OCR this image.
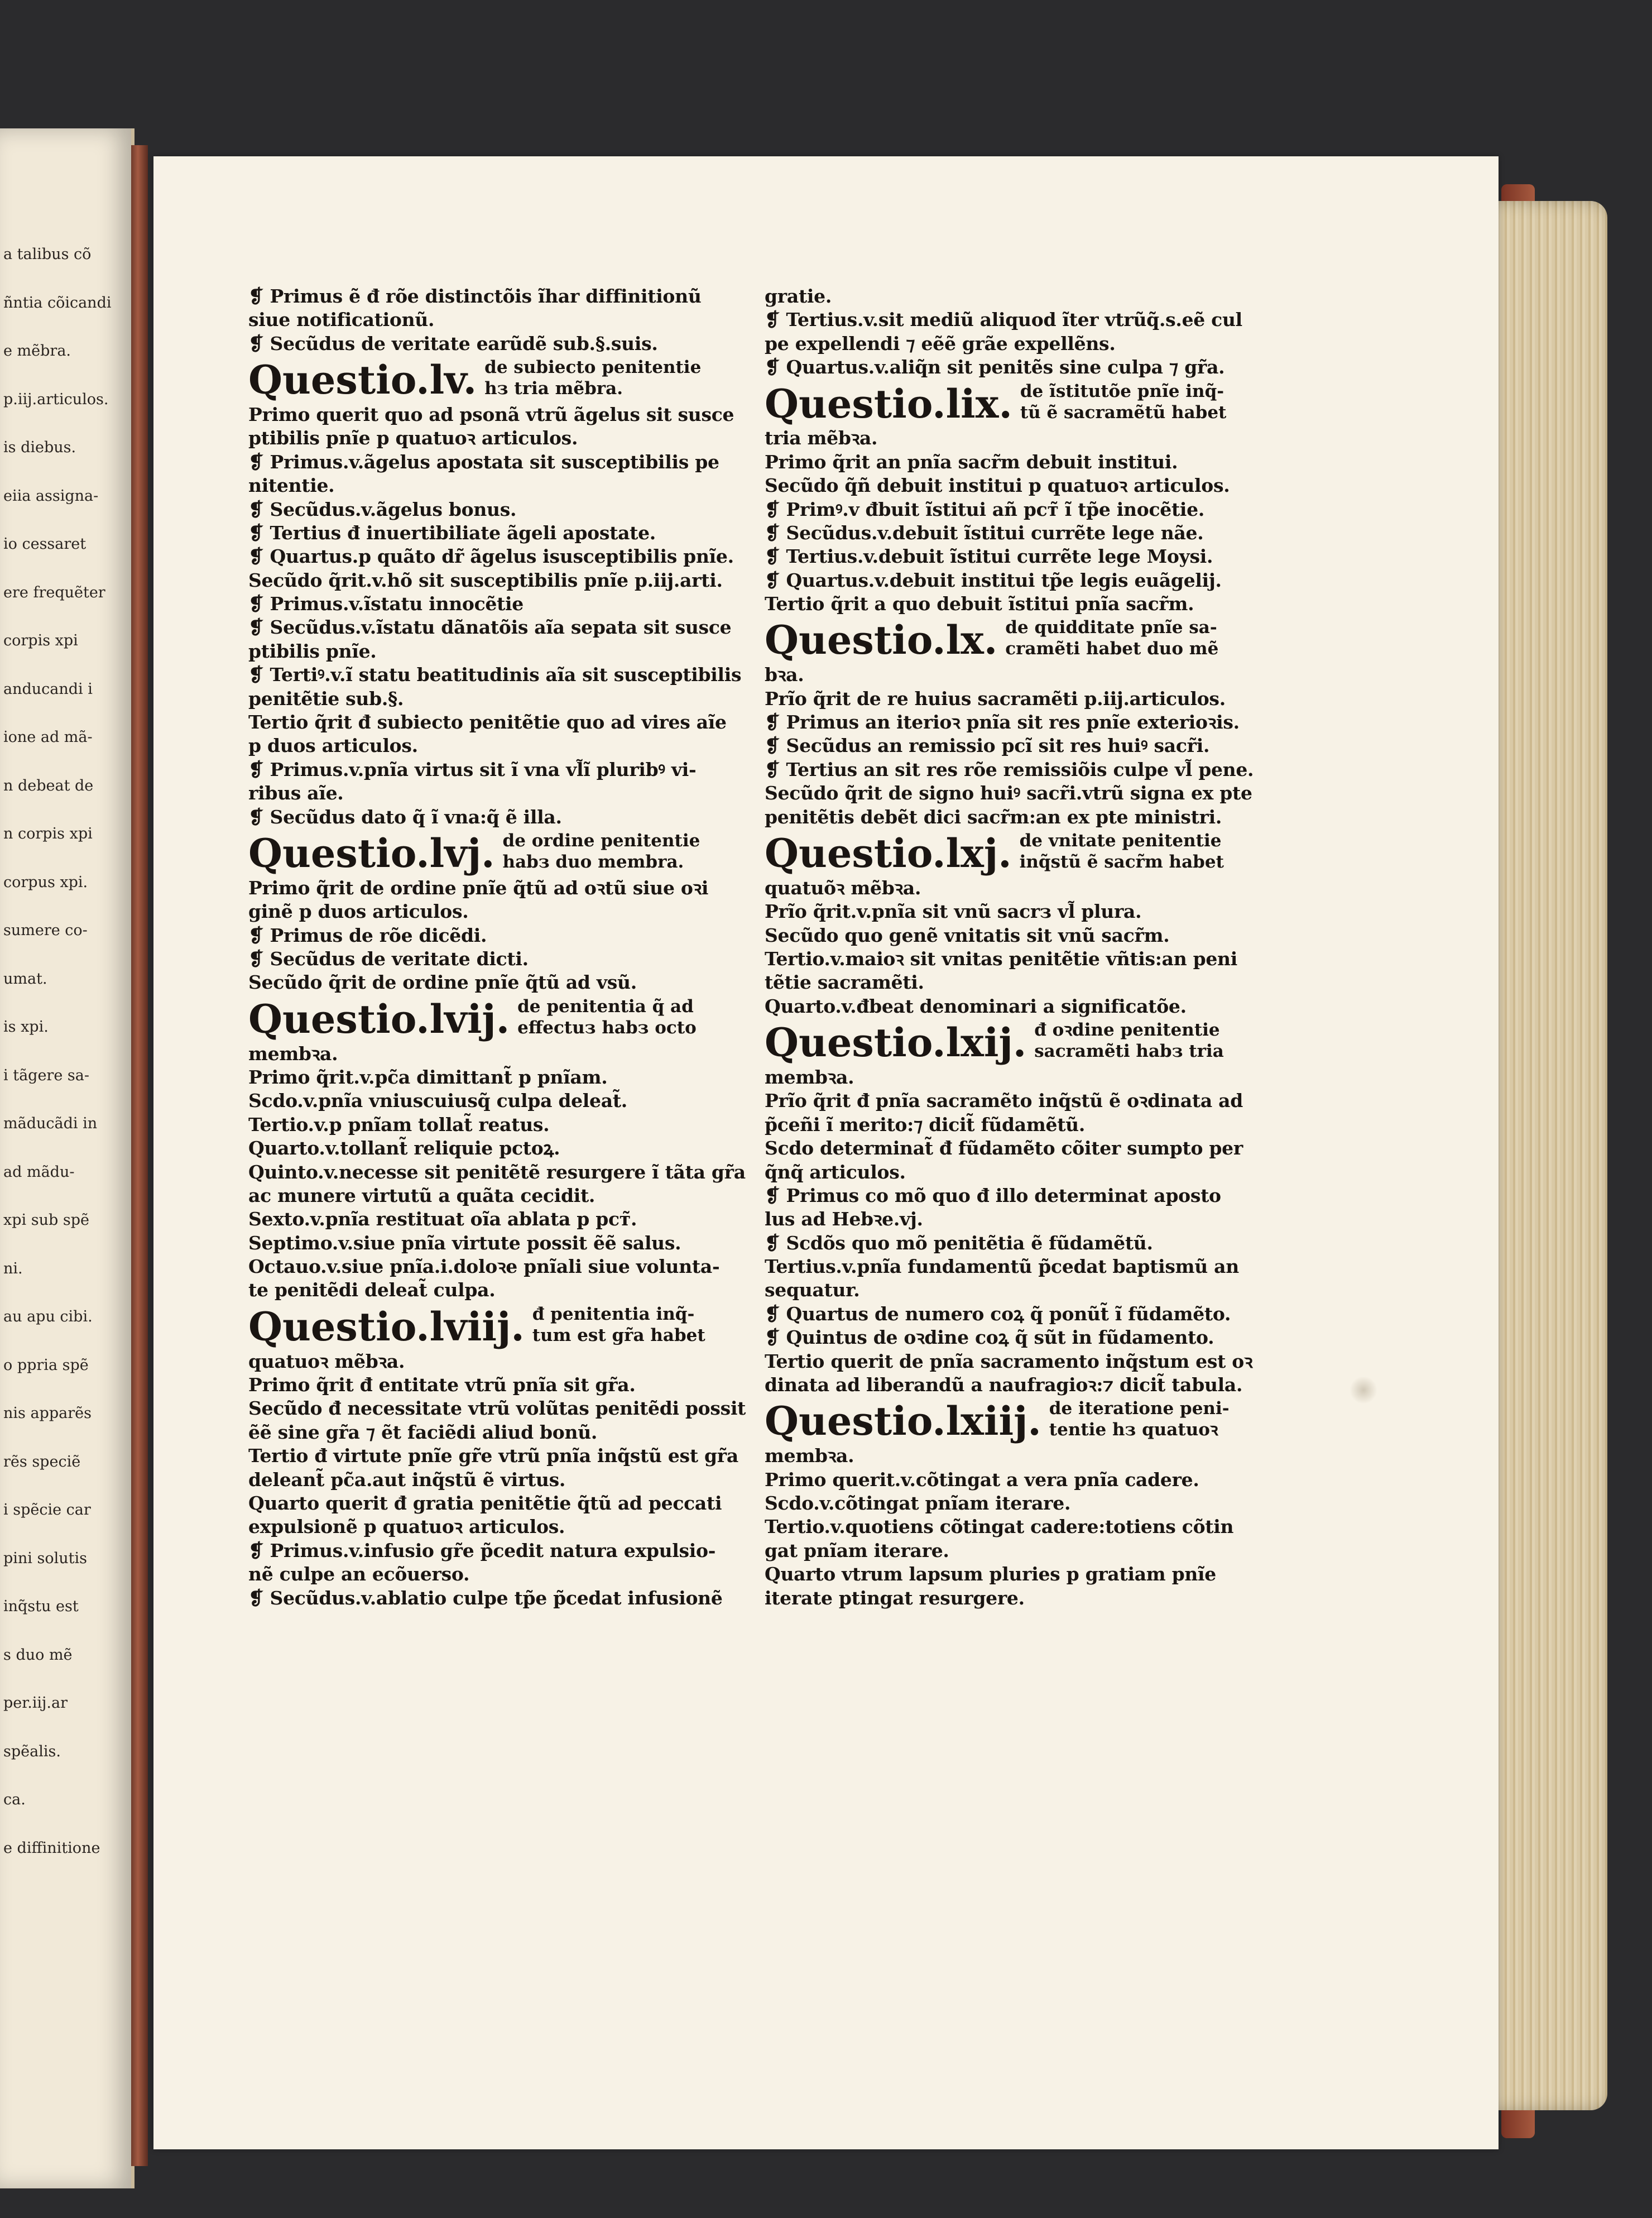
a talibus cõ
ñntia cõicandi
e mẽbra.
p.iij.articulos.
is diebus.
eiia assigna-
io cessaret
ere frequẽter
corpis xpi
anducandi i
ione ad mã-
n debeat de
n corpis xpi
corpus xpi.
sumere co-
umat.
is xpi.
i tãgere sa-
mãducãdi in
ad mãdu-
xpi sub spẽ
ni.
au apu cibi.
o ppria spẽ
nis apparẽs
rẽs speciẽ
i spẽcie car
pini solutis
inq̃stu est
s duo mẽ
per.iij.ar
spẽalis.
ca.
e diffinitione
❡ Primus ẽ đ rõe distinctõis ĩhar diffinitionũ
siue notificationũ.
❡ Secũdus de veritate earũdẽ sub.§.suis.
Questio.lv. de subiecto penitentie
hз tria mẽbra.
Primo querit quo ad psonã vtrũ ãgelus sit susce
ptibilis pnĩe p quatuoꝛ articulos.
❡ Primus.v.ãgelus apostata sit susceptibilis pe
nitentie.
❡ Secũdus.v.ãgelus bonus.
❡ Tertius đ inuertibiliate ãgeli apostate.
❡ Quartus.p quãto dr̃ ãgelus isusceptibilis pnĩe.
Secũdo q̃rit.v.hõ sit susceptibilis pnĩe p.iij.arti.
❡ Primus.v.ĩstatu innocẽtie
❡ Secũdus.v.ĩstatu dãnatõis aĩa sepata sit susce
ptibilis pnĩe.
❡ Tertiꝰ.v.ĩ statu beatitudinis aĩa sit susceptibilis
penitẽtie sub.§.
Tertio q̃rit đ subiecto penitẽtie quo ad vires aĩe
p duos articulos.
❡ Primus.v.pnĩa virtus sit ĩ vna vl̃ĩ pluribꝰ vi-
ribus aĩe.
❡ Secũdus dato q̃ ĩ vna:q̃ ẽ illa.
Questio.lvj. de ordine penitentie
habз duo membra.
Primo q̃rit de ordine pnĩe q̃tũ ad oꝛtũ siue oꝛi
ginẽ p duos articulos.
❡ Primus de rõe dicẽdi.
❡ Secũdus de veritate dicti.
Secũdo q̃rit de ordine pnĩe q̃tũ ad vsũ.
Questio.lvij. de penitentia q̃ ad
effectuз habз octo
membꝛa.
Primo q̃rit.v.pc̃a dimittant̃ p pnĩam.
Scdo.v.pnĩa vniuscuiusq̃ culpa deleat̃.
Tertio.v.p pnĩam tollat̃ reatus.
Quarto.v.tollant̃ reliquie pctoꝝ.
Quinto.v.necesse sit penitẽtẽ resurgere ĩ tãta gr̃a
ac munere virtutũ a quãta cecidit.
Sexto.v.pnĩa restituat oĩa ablata p pcт̃.
Septimo.v.siue pnĩa virtute possit ẽẽ salus.
Octauo.v.siue pnĩa.i.doloꝛe pnĩali siue volunta-
te penitẽdi deleat̃ culpa.
Questio.lviij. đ penitentia inq̃-
tum est gr̃a habet
quatuoꝛ mẽbꝛa.
Primo q̃rit đ entitate vtrũ pnĩa sit gr̃a.
Secũdo đ necessitate vtrũ volũtas penitẽdi possit
ẽẽ sine gr̃a ⁊ ẽt faciẽdi aliud bonũ.
Tertio đ virtute pnĩe gr̃e vtrũ pnĩa inq̃stũ est gr̃a
deleant̃ pc̃a.aut inq̃stũ ẽ virtus.
Quarto querit đ gratia penitẽtie q̃tũ ad peccati
expulsionẽ p quatuoꝛ articulos.
❡ Primus.v.infusio gr̃e p̃cedit natura expulsio-
nẽ culpe an ecõuerso.
❡ Secũdus.v.ablatio culpe tp̃e p̃cedat infusionẽ
gratie.
❡ Tertius.v.sit mediũ aliquod ĩter vtrũq̃.s.eẽ cul
pe expellendi ⁊ eẽẽ grãe expellẽns.
❡ Quartus.v.aliq̃n sit penitẽs sine culpa ⁊ gr̃a.
Questio.lix. de ĩstitutõe pnĩe inq̃-
tũ ẽ sacramẽtũ habet
tria mẽbꝛa.
Primo q̃rit an pnĩa sacr̃m debuit institui.
Secũdo q̃ñ debuit institui p quatuoꝛ articulos.
❡ Primꝰ.v đbuit ĩstitui añ pcт̃ ĩ tp̃e inocẽtie.
❡ Secũdus.v.debuit ĩstitui currẽte lege nãe.
❡ Tertius.v.debuit ĩstitui currẽte lege Moysi.
❡ Quartus.v.debuit institui tp̃e legis euãgelij.
Tertio q̃rit a quo debuit ĩstitui pnĩa sacr̃m.
Questio.lx. de quidditate pnĩe sa-
cramẽti habet duo mẽ
bꝛa.
Prĩo q̃rit de re huius sacramẽti p.iij.articulos.
❡ Primus an iterioꝛ pnĩa sit res pnĩe exterioꝛis.
❡ Secũdus an remissio pcĩ sit res huiꝰ sacr̃i.
❡ Tertius an sit res rõe remissiõis culpe vl̃ pene.
Secũdo q̃rit de signo huiꝰ sacr̃i.vtrũ signa ex pte
penitẽtis debẽt dici sacr̃m:an ex pte ministri.
Questio.lxj. de vnitate penitentie
inq̃stũ ẽ sacr̃m habet
quatuõꝛ mẽbꝛa.
Prĩo q̃rit.v.pnĩa sit vnũ sacrз vl̃ plura.
Secũdo quo genẽ vnitatis sit vnũ sacr̃m.
Tertio.v.maioꝛ sit vnitas penitẽtie vñtis:an peni
tẽtie sacramẽti.
Quarto.v.đbeat denominari a significatõe.
Questio.lxij. đ oꝛdine penitentie
sacramẽti habз tria
membꝛa.
Prĩo q̃rit đ pnĩa sacramẽto inq̃stũ ẽ oꝛdinata ad
p̃ceñi ĩ merito:⁊ dicit̃ fũdamẽtũ.
Scdo determinat̃ đ fũdamẽto cõiter sumpto per
q̃nq̃ articulos.
❡ Primus co mõ quo đ illo determinat aposto
lus ad Hebꝛe.vj.
❡ Scdõs quo mõ penitẽtia ẽ fũdamẽtũ.
Tertius.v.pnĩa fundamentũ p̃cedat baptismũ an
sequatur.
❡ Quartus de numero coꝝ q̃ ponũt̃ ĩ fũdamẽto.
❡ Quintus de oꝛdine coꝝ q̃ sũt in fũdamento.
Tertio querit de pnĩa sacramento inq̃stum est oꝛ
dinata ad liberandũ a naufragioꝛ:⁊ dicit̃ tabula.
Questio.lxiij. de iteratione peni-
tentie hз quatuoꝛ
membꝛa.
Primo querit.v.cõtingat a vera pnĩa cadere.
Scdo.v.cõtingat pnĩam iterare.
Tertio.v.quotiens cõtingat cadere:totiens cõtin
gat pnĩam iterare.
Quarto vtrum lapsum pluries p gratiam pnĩe
iterate ptingat resurgere.
